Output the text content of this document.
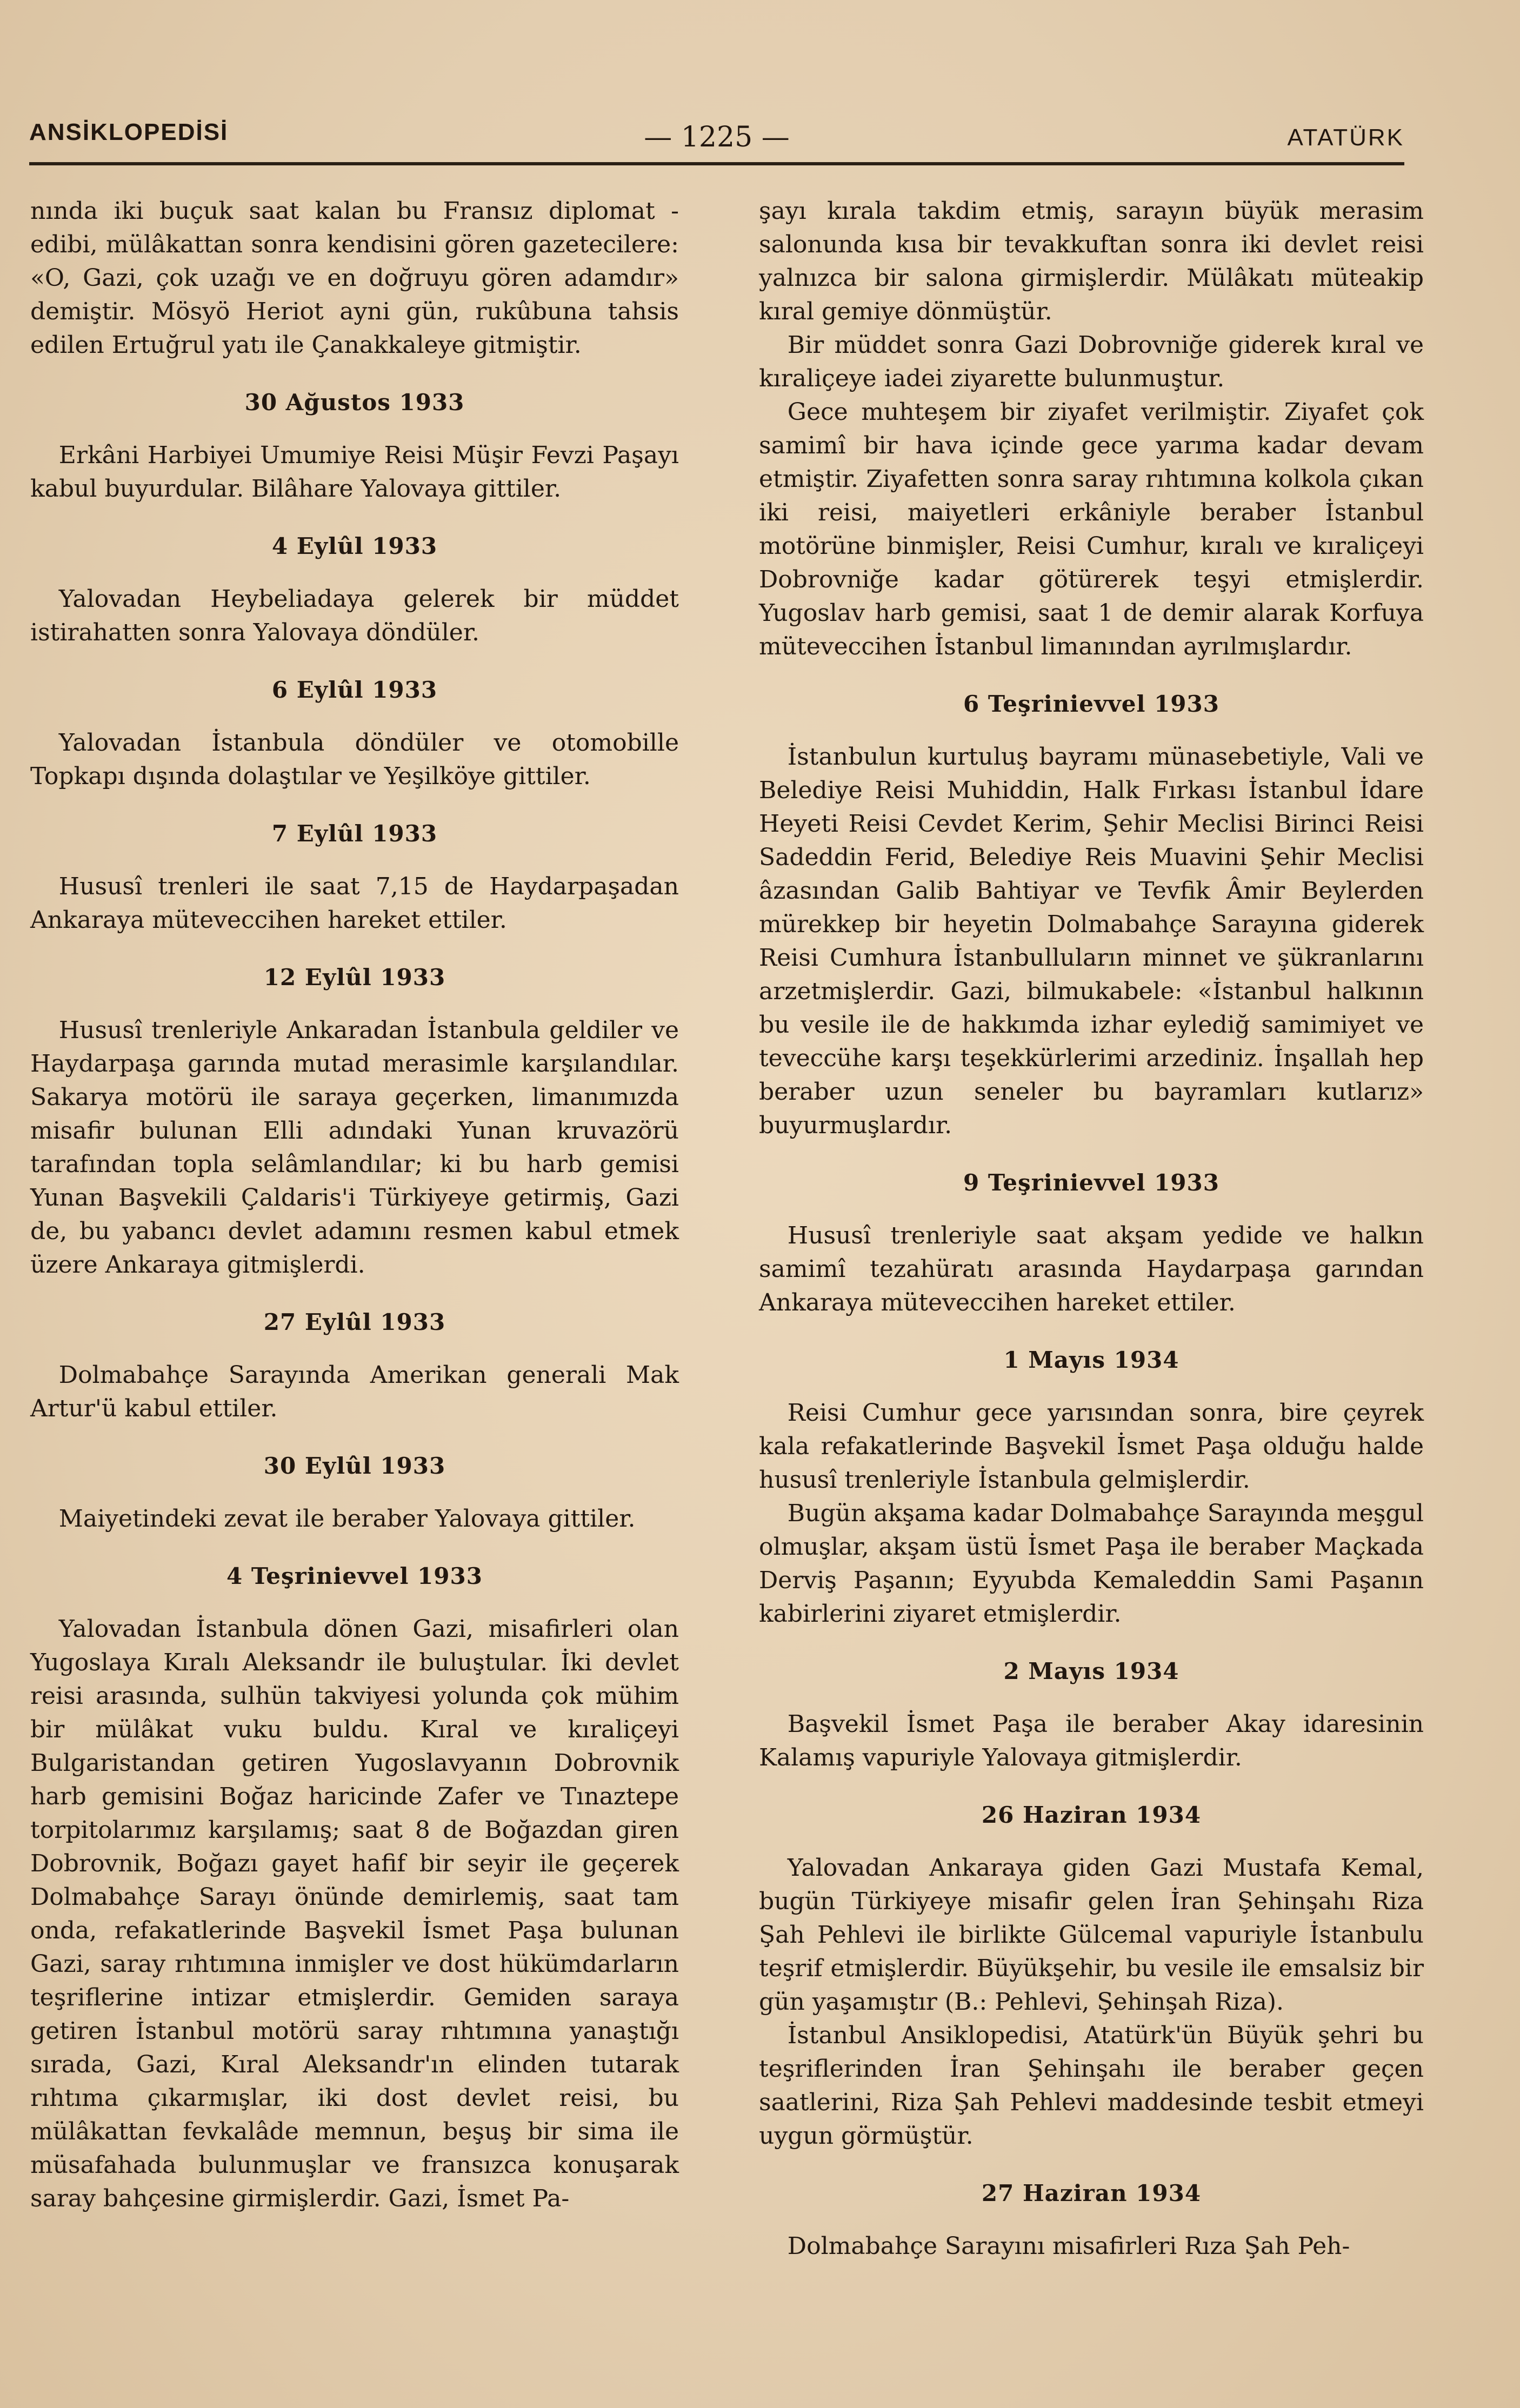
ANSİKLOPEDİSİ	— 1225 —	ATATÜRK

nında iki buçuk saat kalan bu Fransız diplomat - edibi, mülâkattan sonra kendisini gören gazetecilere: «O, Gazi, çok uzağı ve en doğruyu gören adamdır» demiştir. Mösyö Heriot ayni gün, rukûbuna tahsis edilen Ertuğrul yatı ile Çanakkaleye gitmiştir.

30 Ağustos 1933

Erkâni Harbiyei Umumiye Reisi Müşir Fevzi Paşayı kabul buyurdular. Bilâhare Yalovaya gittiler.

4 Eylûl 1933

Yalovadan Heybeliadaya gelerek bir müddet istirahatten sonra Yalovaya döndüler.

6 Eylûl 1933

Yalovadan İstanbula döndüler ve otomobille Topkapı dışında dolaştılar ve Yeşilköye gittiler.

7 Eylûl 1933

Hususî trenleri ile saat 7,15 de Haydarpaşadan Ankaraya müteveccihen hareket ettiler.

12 Eylûl 1933

Hususî trenleriyle Ankaradan İstanbula geldiler ve Haydarpaşa garında mutad merasimle karşılandılar. Sakarya motörü ile saraya geçerken, limanımızda misafir bulunan Elli adındaki Yunan kruvazörü tarafından topla selâmlandılar; ki bu harb gemisi Yunan Başvekili Çaldaris'i Türkiyeye getirmiş, Gazi de, bu yabancı devlet adamını resmen kabul etmek üzere Ankaraya gitmişlerdi.

27 Eylûl 1933

Dolmabahçe Sarayında Amerikan generali Mak Artur'ü kabul ettiler.

30 Eylûl 1933

Maiyetindeki zevat ile beraber Yalovaya gittiler.

4 Teşrinievvel 1933

Yalovadan İstanbula dönen Gazi, misafirleri olan Yugoslaya Kıralı Aleksandr ile buluştular. İki devlet reisi arasında, sulhün takviyesi yolunda çok mühim bir mülâkat vuku buldu. Kıral ve kıraliçeyi Bulgaristandan getiren Yugoslavyanın Dobrovnik harb gemisini Boğaz haricinde Zafer ve Tınaztepe torpitolarımız karşılamış; saat 8 de Boğazdan giren Dobrovnik, Boğazı gayet hafif bir seyir ile geçerek Dolmabahçe Sarayı önünde demirlemiş, saat tam onda, refakatlerinde Başvekil İsmet Paşa bulunan Gazi, saray rıhtımına inmişler ve dost hükümdarların teşriflerine intizar etmişlerdir. Gemiden saraya getiren İstanbul motörü saray rıhtımına yanaştığı sırada, Gazi, Kıral Aleksandr'ın elinden tutarak rıhtıma çıkarmışlar, iki dost devlet reisi, bu mülâkattan fevkalâde memnun, beşuş bir sima ile müsafahada bulunmuşlar ve fransızca konuşarak saray bahçesine girmişlerdir. Gazi, İsmet Pa-

şayı kırala takdim etmiş, sarayın büyük merasim salonunda kısa bir tevakkuftan sonra iki devlet reisi yalnızca bir salona girmişlerdir. Mülâkatı müteakip kıral gemiye dönmüştür.

Bir müddet sonra Gazi Dobrovniğe giderek kıral ve kıraliçeye iadei ziyarette bulunmuştur.

Gece muhteşem bir ziyafet verilmiştir. Ziyafet çok samimî bir hava içinde gece yarıma kadar devam etmiştir. Ziyafetten sonra saray rıhtımına kolkola çıkan iki reisi, maiyetleri erkâniyle beraber İstanbul motörüne binmişler, Reisi Cumhur, kıralı ve kıraliçeyi Dobrovniğe kadar götürerek teşyi etmişlerdir. Yugoslav harb gemisi, saat 1 de demir alarak Korfuya müteveccihen İstanbul limanından ayrılmışlardır.

6 Teşrinievvel 1933

İstanbulun kurtuluş bayramı münasebetiyle, Vali ve Belediye Reisi Muhiddin, Halk Fırkası İstanbul İdare Heyeti Reisi Cevdet Kerim, Şehir Meclisi Birinci Reisi Sadeddin Ferid, Belediye Reis Muavini Şehir Meclisi âzasından Galib Bahtiyar ve Tevfik Âmir Beylerden mürekkep bir heyetin Dolmabahçe Sarayına giderek Reisi Cumhura İstanbulluların minnet ve şükranlarını arzetmişlerdir. Gazi, bilmukabele: «İstanbul halkının bu vesile ile de hakkımda izhar eylediğ samimiyet ve teveccühe karşı teşekkürlerimi arzediniz. İnşallah hep beraber uzun seneler bu bayramları kutlarız» buyurmuşlardır.

9 Teşrinievvel 1933

Hususî trenleriyle saat akşam yedide ve halkın samimî tezahüratı arasında Haydarpaşa garından Ankaraya müteveccihen hareket ettiler.

1 Mayıs 1934

Reisi Cumhur gece yarısından sonra, bire çeyrek kala refakatlerinde Başvekil İsmet Paşa olduğu halde hususî trenleriyle İstanbula gelmişlerdir.

Bugün akşama kadar Dolmabahçe Sarayında meşgul olmuşlar, akşam üstü İsmet Paşa ile beraber Maçkada Derviş Paşanın; Eyyubda Kemaleddin Sami Paşanın kabirlerini ziyaret etmişlerdir.

2 Mayıs 1934

Başvekil İsmet Paşa ile beraber Akay idaresinin Kalamış vapuriyle Yalovaya gitmişlerdir.

26 Haziran 1934

Yalovadan Ankaraya giden Gazi Mustafa Kemal, bugün Türkiyeye misafir gelen İran Şehinşahı Riza Şah Pehlevi ile birlikte Gülcemal vapuriyle İstanbulu teşrif etmişlerdir. Büyükşehir, bu vesile ile emsalsiz bir gün yaşamıştır (B.: Pehlevi, Şehinşah Riza).

İstanbul Ansiklopedisi, Atatürk'ün Büyük şehri bu teşriflerinden İran Şehinşahı ile beraber geçen saatlerini, Riza Şah Pehlevi maddesinde tesbit etmeyi uygun görmüştür.

27 Haziran 1934

Dolmabahçe Sarayını misafirleri Rıza Şah Peh-
